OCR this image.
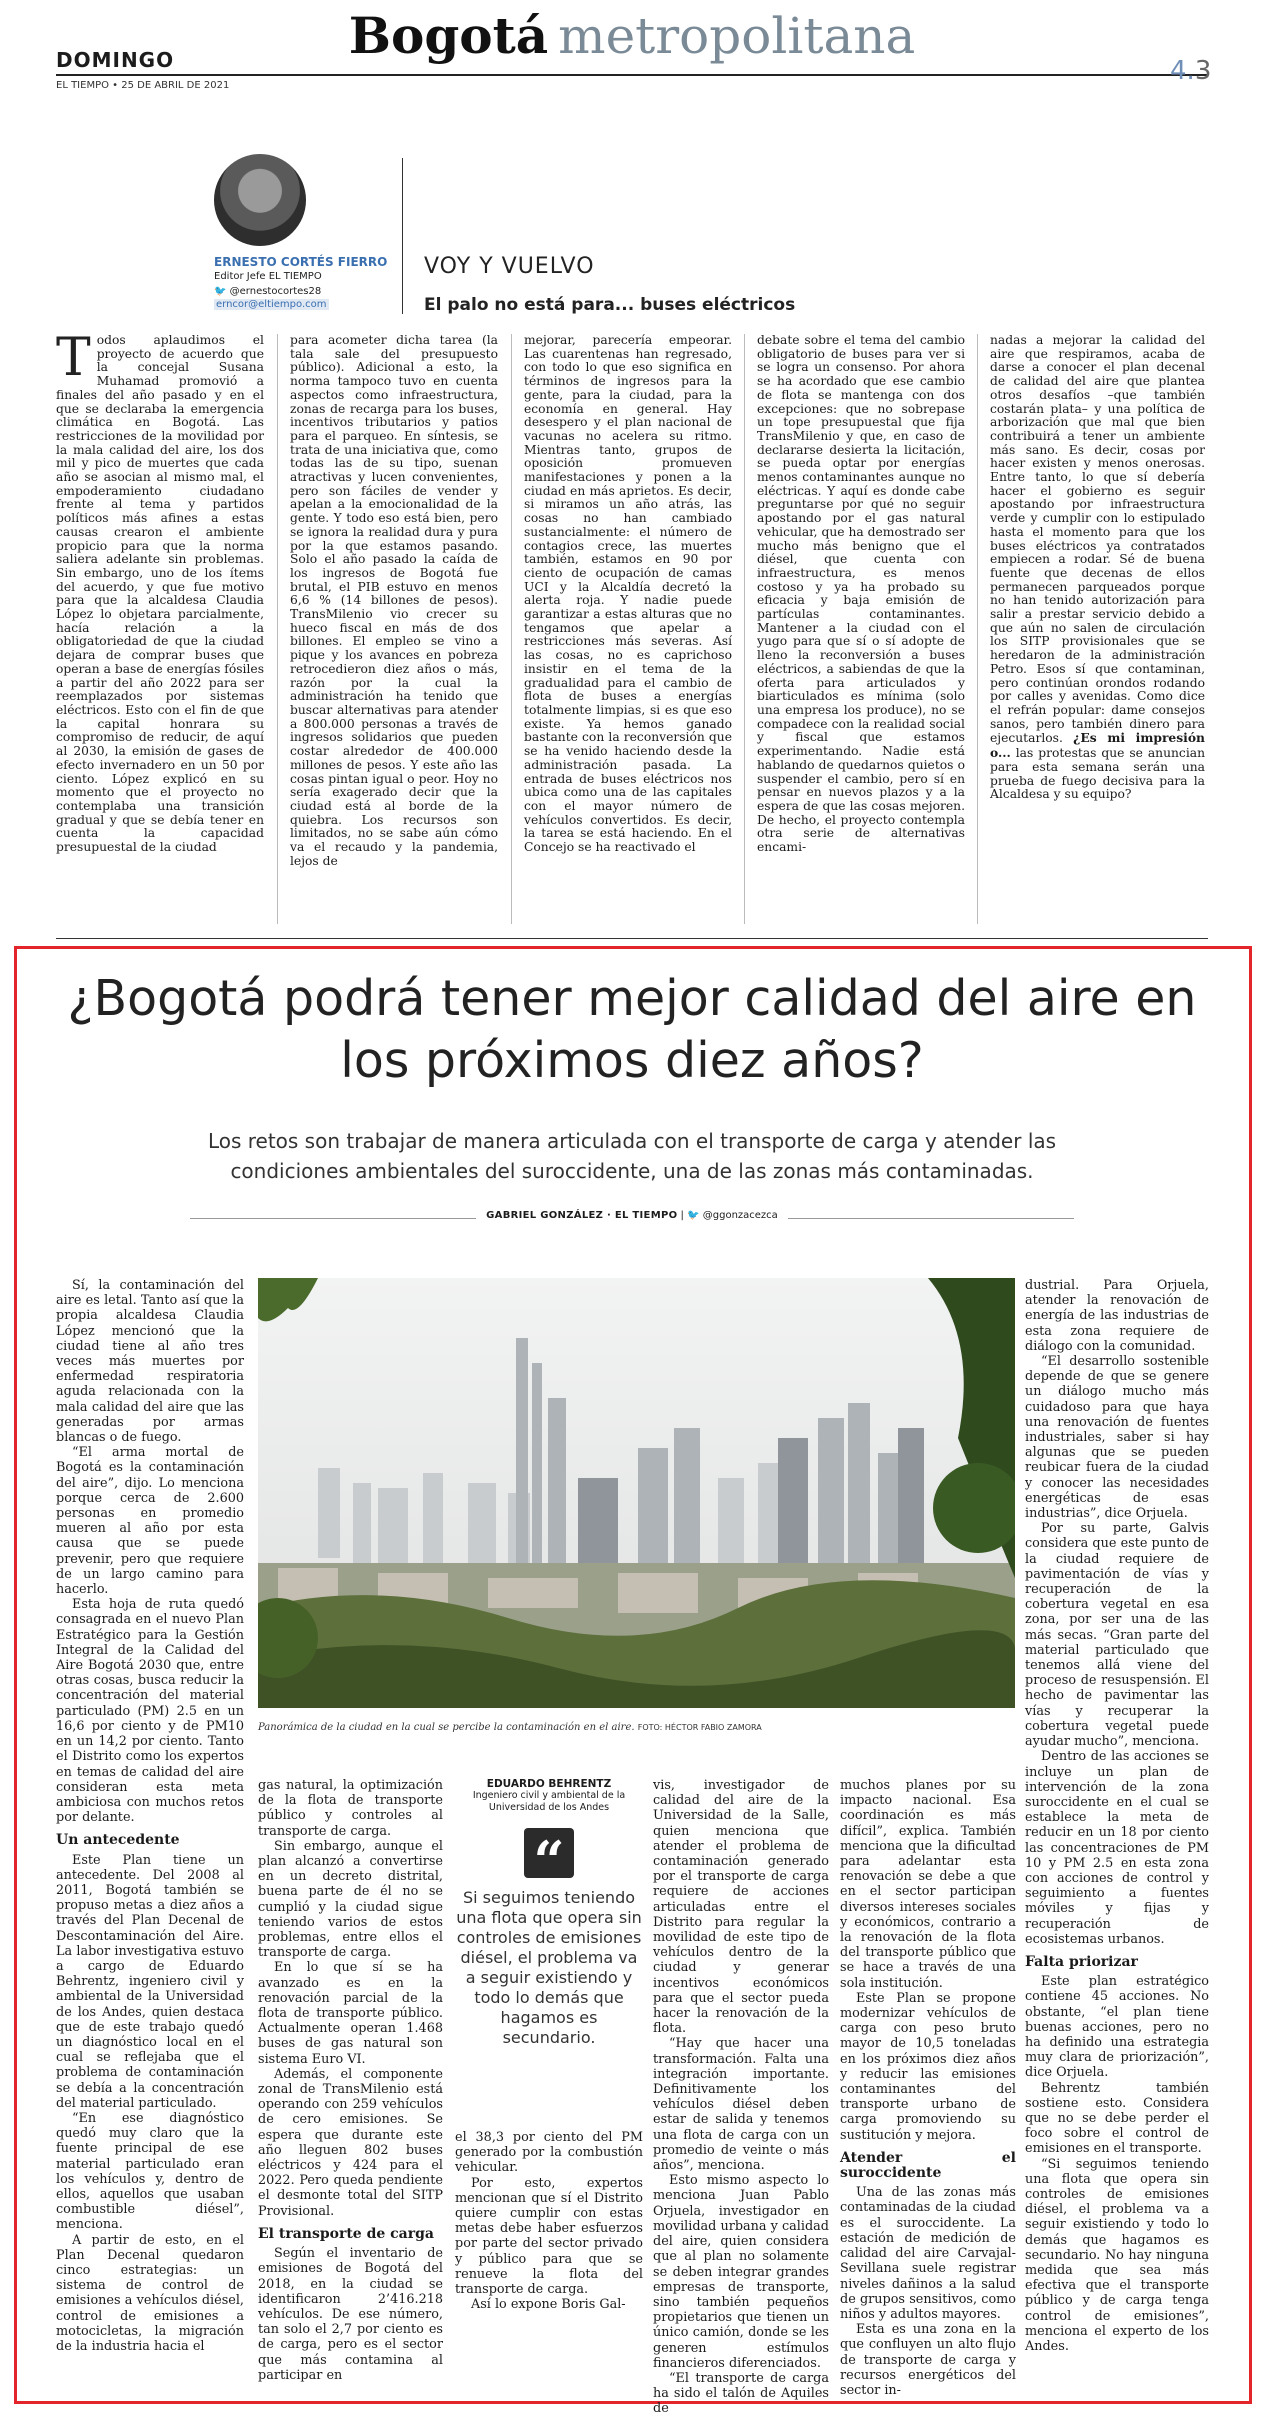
Bogotá metropolitana
DOMINGO
EL TIEMPO • 25 DE ABRIL DE 2021	4.3
ERNESTO CORTÉS FIERRO
Editor Jefe EL TIEMPO
🐦 @ernestocortes28
erncor@eltiempo.com
VOY Y VUELVO
El palo no está para... buses eléctricos
Todos aplaudimos el proyecto de acuerdo que la concejal Susana Muhamad promovió a finales del año pasado y en el que se declaraba la emergencia climática en Bogotá. Las restricciones de la movilidad por la mala calidad del aire, los dos mil y pico de muertes que cada año se asocian al mismo mal, el empoderamiento ciudadano frente al tema y partidos políticos más afines a estas causas crearon el ambiente propicio para que la norma saliera adelante sin problemas. Sin embargo, uno de los ítems del acuerdo, y que fue motivo para que la alcaldesa Claudia López lo objetara parcialmente, hacía relación a la obligatoriedad de que la ciudad dejara de comprar buses que operan a base de energías fósiles a partir del año 2022 para ser reemplazados por sistemas eléctricos. Esto con el fin de que la capital honrara su compromiso de reducir, de aquí al 2030, la emisión de gases de efecto invernadero en un 50 por ciento. López explicó en su momento que el proyecto no contemplaba una transición gradual y que se debía tener en cuenta la capacidad presupuestal de la ciudad
para acometer dicha tarea (la tala sale del presupuesto público). Adicional a esto, la norma tampoco tuvo en cuenta aspectos como infraestructura, zonas de recarga para los buses, incentivos tributarios y patios para el parqueo. En síntesis, se trata de una iniciativa que, como todas las de su tipo, suenan atractivas y lucen convenientes, pero son fáciles de vender y apelan a la emocionalidad de la gente. Y todo eso está bien, pero se ignora la realidad dura y pura por la que estamos pasando. Solo el año pasado la caída de los ingresos de Bogotá fue brutal, el PIB estuvo en menos 6,6 % (14 billones de pesos). TransMilenio vio crecer su hueco fiscal en más de dos billones. El empleo se vino a pique y los avances en pobreza retrocedieron diez años o más, razón por la cual la administración ha tenido que buscar alternativas para atender a 800.000 personas a través de ingresos solidarios que pueden costar alrededor de 400.000 millones de pesos. Y este año las cosas pintan igual o peor. Hoy no sería exagerado decir que la ciudad está al borde de la quiebra. Los recursos son limitados, no se sabe aún cómo va el recaudo y la pandemia, lejos de
mejorar, parecería empeorar. Las cuarentenas han regresado, con todo lo que eso significa en términos de ingresos para la gente, para la ciudad, para la economía en general. Hay desespero y el plan nacional de vacunas no acelera su ritmo. Mientras tanto, grupos de oposición promueven manifestaciones y ponen a la ciudad en más aprietos. Es decir, si miramos un año atrás, las cosas no han cambiado sustancialmente: el número de contagios crece, las muertes también, estamos en 90 por ciento de ocupación de camas UCI y la Alcaldía decretó la alerta roja. Y nadie puede garantizar a estas alturas que no tengamos que apelar a restricciones más severas. Así las cosas, no es caprichoso insistir en el tema de la gradualidad para el cambio de flota de buses a energías totalmente limpias, si es que eso existe. Ya hemos ganado bastante con la reconversión que se ha venido haciendo desde la administración pasada. La entrada de buses eléctricos nos ubica como una de las capitales con el mayor número de vehículos convertidos. Es decir, la tarea se está haciendo. En el Concejo se ha reactivado el
debate sobre el tema del cambio obligatorio de buses para ver si se logra un consenso. Por ahora se ha acordado que ese cambio de flota se mantenga con dos excepciones: que no sobrepase un tope presupuestal que fija TransMilenio y que, en caso de declararse desierta la licitación, se pueda optar por energías menos contaminantes aunque no eléctricas. Y aquí es donde cabe preguntarse por qué no seguir apostando por el gas natural vehicular, que ha demostrado ser mucho más benigno que el diésel, que cuenta con infraestructura, es menos costoso y ya ha probado su eficacia y baja emisión de partículas contaminantes. Mantener a la ciudad con el yugo para que sí o sí adopte de lleno la reconversión a buses eléctricos, a sabiendas de que la oferta para articulados y biarticulados es mínima (solo una empresa los produce), no se compadece con la realidad social y fiscal que estamos experimentando. Nadie está hablando de quedarnos quietos o suspender el cambio, pero sí en pensar en nuevos plazos y a la espera de que las cosas mejoren. De hecho, el proyecto contempla otra serie de alternativas encami-
nadas a mejorar la calidad del aire que respiramos, acaba de darse a conocer el plan decenal de calidad del aire que plantea otros desafíos –que también costarán plata– y una política de arborización que mal que bien contribuirá a tener un ambiente más sano. Es decir, cosas por hacer existen y menos onerosas. Entre tanto, lo que sí debería hacer el gobierno es seguir apostando por infraestructura verde y cumplir con lo estipulado hasta el momento para que los buses eléctricos ya contratados empiecen a rodar. Sé de buena fuente que decenas de ellos permanecen parqueados porque no han tenido autorización para salir a prestar servicio debido a que aún no salen de circulación los SITP provisionales que se heredaron de la administración Petro. Esos sí que contaminan, pero continúan orondos rodando por calles y avenidas. Como dice el refrán popular: dame consejos sanos, pero también dinero para ejecutarlos. ¿Es mi impresión o... las protestas que se anuncian para esta semana serán una prueba de fuego decisiva para la Alcaldesa y su equipo?
¿Bogotá podrá tener mejor calidad del aire en los próximos diez años?
Los retos son trabajar de manera articulada con el transporte de carga y atender las condiciones ambientales del suroccidente, una de las zonas más contaminadas.
GABRIEL GONZÁLEZ · EL TIEMPO | 🐦 @ggonzacezca

Sí, la contaminación del aire es letal. Tanto así que la propia alcaldesa Claudia López mencionó que la ciudad tiene al año tres veces más muertes por enfermedad respiratoria aguda relacionada con la mala calidad del aire que las generadas por armas blancas o de fuego.

“El arma mortal de Bogotá es la contaminación del aire”, dijo. Lo menciona porque cerca de 2.600 personas en promedio mueren al año por esta causa que se puede prevenir, pero que requiere de un largo camino para hacerlo.

Esta hoja de ruta quedó consagrada en el nuevo Plan Estratégico para la Gestión Integral de la Calidad del Aire Bogotá 2030 que, entre otras cosas, busca reducir la concentración del material particulado (PM) 2.5 en un 16,6 por ciento y de PM10 en un 14,2 por ciento. Tanto el Distrito como los expertos en temas de calidad del aire consideran esta meta ambiciosa con muchos retos por delante.

Un antecedente

Este Plan tiene un antecedente. Del 2008 al 2011, Bogotá también se propuso metas a diez años a través del Plan Decenal de Descontaminación del Aire. La labor investigativa estuvo a cargo de Eduardo Behrentz, ingeniero civil y ambiental de la Universidad de los Andes, quien destaca que de este trabajo quedó un diagnóstico local en el cual se reflejaba que el problema de contaminación se debía a la concentración del material particulado.

“En ese diagnóstico quedó muy claro que la fuente principal de ese material particulado eran los vehículos y, dentro de ellos, aquellos que usaban combustible diésel”, menciona.

A partir de esto, en el Plan Decenal quedaron cinco estrategias: un sistema de control de emisiones a vehículos diésel, control de emisiones a motocicletas, la migración de la industria hacia el

Panorámica de la ciudad en la cual se percibe la contaminación en el aire. FOTO: HÉCTOR FABIO ZAMORA

dustrial. Para Orjuela, atender la renovación de energía de las industrias de esta zona requiere de diálogo con la comunidad.

“El desarrollo sostenible depende de que se genere un diálogo mucho más cuidadoso para que haya una renovación de fuentes industriales, saber si hay algunas que se pueden reubicar fuera de la ciudad y conocer las necesidades energéticas de esas industrias”, dice Orjuela.

Por su parte, Galvis considera que este punto de la ciudad requiere de pavimentación de vías y recuperación de la cobertura vegetal en esa zona, por ser una de las más secas. “Gran parte del material particulado que tenemos allá viene del proceso de resuspensión. El hecho de pavimentar las vías y recuperar la cobertura vegetal puede ayudar mucho”, menciona.

Dentro de las acciones se incluye un plan de intervención de la zona suroccidente en el cual se establece la meta de reducir en un 18 por ciento las concentraciones de PM 10 y PM 2.5 en esta zona con acciones de control y seguimiento a fuentes móviles y fijas y recuperación de ecosistemas urbanos.

Falta priorizar

Este plan estratégico contiene 45 acciones. No obstante, “el plan tiene buenas acciones, pero no ha definido una estrategia muy clara de priorización”, dice Orjuela.

Behrentz también sostiene esto. Considera que no se debe perder el foco sobre el control de emisiones en el transporte.

“Si seguimos teniendo una flota que opera sin controles de emisiones diésel, el problema va a seguir existiendo y todo lo demás que hagamos es secundario. No hay ninguna medida que sea más efectiva que el transporte público y de carga tenga control de emisiones”, menciona el experto de los Andes.

gas natural, la optimización de la flota de transporte público y controles al transporte de carga.

Sin embargo, aunque el plan alcanzó a convertirse en un decreto distrital, buena parte de él no se cumplió y la ciudad sigue teniendo varios de estos problemas, entre ellos el transporte de carga.

En lo que sí se ha avanzado es en la renovación parcial de la flota de transporte público. Actualmente operan 1.468 buses de gas natural son sistema Euro VI.

Además, el componente zonal de TransMilenio está operando con 259 vehículos de cero emisiones. Se espera que durante este año lleguen 802 buses eléctricos y 424 para el 2022. Pero queda pendiente el desmonte total del SITP Provisional.

El transporte de carga

Según el inventario de emisiones de Bogotá del 2018, en la ciudad se identificaron 2’416.218 vehículos. De ese número, tan solo el 2,7 por ciento es de carga, pero es el sector que más contamina al participar en

EDUARDO BEHRENTZ
Ingeniero civil y ambiental de la Universidad de los Andes
“
Si seguimos teniendo una flota que opera sin controles de emisiones diésel, el problema va a seguir existiendo y todo lo demás que hagamos es secundario.

el 38,3 por ciento del PM generado por la combustión vehicular.

Por esto, expertos mencionan que sí el Distrito quiere cumplir con estas metas debe haber esfuerzos por parte del sector privado y público para que se renueve la flota del transporte de carga.

Así lo expone Boris Gal-

vis, investigador de calidad del aire de la Universidad de la Salle, quien menciona que atender el problema de contaminación generado por el transporte de carga requiere de acciones articuladas entre el Distrito para regular la movilidad de este tipo de vehículos dentro de la ciudad y generar incentivos económicos para que el sector pueda hacer la renovación de la flota.

“Hay que hacer una transformación. Falta una integración importante. Definitivamente los vehículos diésel deben estar de salida y tenemos una flota de carga con un promedio de veinte o más años”, menciona.

Esto mismo aspecto lo menciona Juan Pablo Orjuela, investigador en movilidad urbana y calidad del aire, quien considera que al plan no solamente se deben integrar grandes empresas de transporte, sino también pequeños propietarios que tienen un único camión, donde se les generen estímulos financieros diferenciados.

“El transporte de carga ha sido el talón de Aquiles de

muchos planes por su impacto nacional. Esa coordinación es más difícil”, explica. También menciona que la dificultad para adelantar esta renovación se debe a que en el sector participan diversos intereses sociales y económicos, contrario a la renovación de la flota del transporte público que se hace a través de una sola institución.

Este Plan se propone modernizar vehículos de carga con peso bruto mayor de 10,5 toneladas en los próximos diez años y reducir las emisiones contaminantes del transporte urbano de carga promoviendo su sustitución y mejora.

Atender el suroccidente

Una de las zonas más contaminadas de la ciudad es el suroccidente. La estación de medición de calidad del aire Carvajal-Sevillana suele registrar niveles dañinos a la salud de grupos sensitivos, como niños y adultos mayores.

Esta es una zona en la que confluyen un alto flujo de transporte de carga y recursos energéticos del sector in-
